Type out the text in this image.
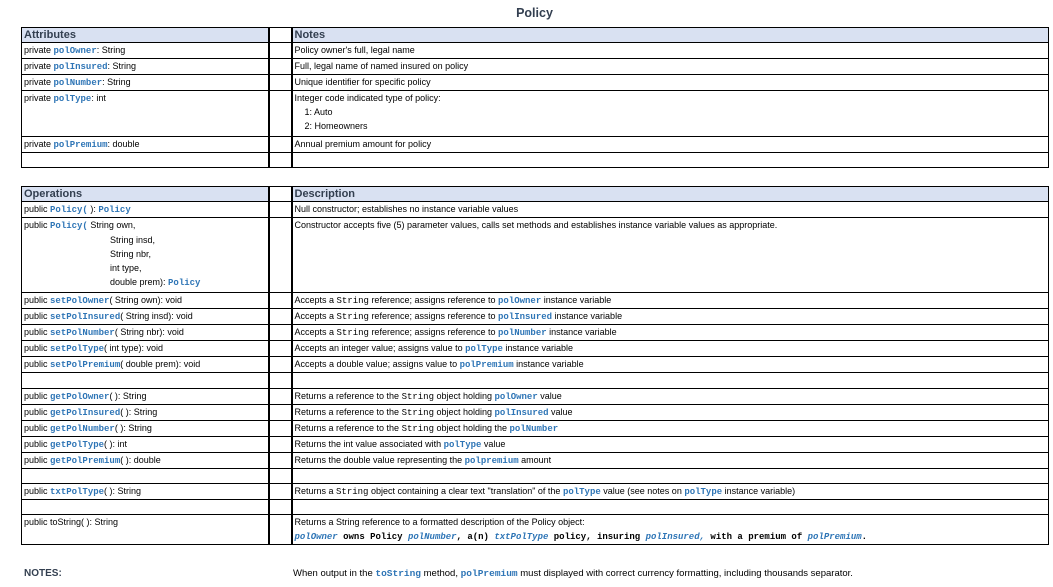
Policy
Attributes		Notes
private polOwner: String		Policy owner's full, legal name
private polInsured: String		Full, legal name of named insured on policy
private polNumber: String		Unique identifier for specific policy
private polType: int		Integer code indicated type of policy:
1: Auto
2: Homeowners
private polPremium: double		Annual premium amount for policy

Operations		Description
public Policy( ): Policy		Null constructor; establishes no instance variable values

public Policy( String own,
String insd,
String nbr,
int type,
double prem): Policy		Constructor accepts five (5) parameter values, calls set methods and establishes instance variable values as appropriate.
public setPolOwner( String own): void		Accepts a String reference; assigns reference to polOwner instance variable
public setPolInsured( String insd): void		Accepts a String reference; assigns reference to polInsured instance variable
public setPolNumber( String nbr): void		Accepts a String reference; assigns reference to polNumber instance variable
public setPolType( int type): void		Accepts an integer value; assigns value to polType instance variable
public setPolPremium( double prem): void		Accepts a double value; assigns value to polPremium instance variable

public getPolOwner( ): String		Returns a reference to the String object holding polOwner value
public getPolInsured( ): String		Returns a reference to the String object holding polInsured value
public getPolNumber( ): String		Returns a reference to the String object holding the polNumber
public getPolType( ): int		Returns the int value associated with polType value
public getPolPremium( ): double		Returns the double value representing the polpremium amount

public txtPolType( ): String		Returns a String object containing a clear text "translation" of the polType value (see notes on polType instance variable)

public toString( ): String		Returns a String reference to a formatted description of the Policy object:
polOwner owns Policy polNumber, a(n) txtPolType policy, insuring polInsured, with a premium of polPremium.
NOTES:	When output in the toString method, polPremium must displayed with correct currency formatting, including thousands separator.
